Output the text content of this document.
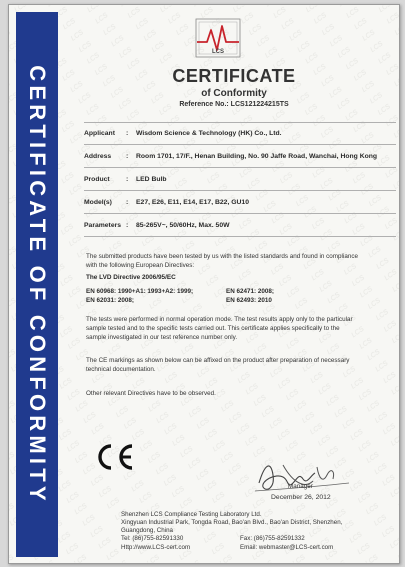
CERTIFICATE OF CONFORMITY
LCS
CERTIFICATE
of Conformity
Reference No.: LCS121224215TS
Applicant	:	Wisdom Science & Technology (HK) Co., Ltd.
Address	:	Room 1701, 17/F., Henan Building, No. 90 Jaffe Road, Wanchai, Hong Kong
Product	:	LED Bulb
Model(s)	:	E27, E26, E11, E14, E17, B22, GU10
Parameters :	85-265V~, 50/60Hz, Max. 50W
The submitted products have been tested by us with the listed standards and found in compliance
with the following European Directives:
The LVD Directive 2006/95/EC
EN 60968: 1990+A1: 1993+A2: 1999;	EN 62471: 2008;
EN 62031: 2008;	EN 62493: 2010
The tests were performed in normal operation mode. The test results apply only to the particular
sample tested and to the specific tests carried out. This certificate applies specifically to the
sample investigated in our test reference number only.
The CE markings as shown below can be affixed on the product after preparation of necessary
technical documentation.
Other relevant Directives have to be observed.
Manager
December 26, 2012
Shenzhen LCS Compliance Testing Laboratory Ltd.
Xingyuan Industrial Park, Tongda Road, Bao'an Blvd., Bao'an District, Shenzhen,
Guangdong, China
Tel: (86)755-82591330	Fax: (86)755-82591332
Http://www.LCS-cert.com	Email: webmaster@LCS-cert.com
